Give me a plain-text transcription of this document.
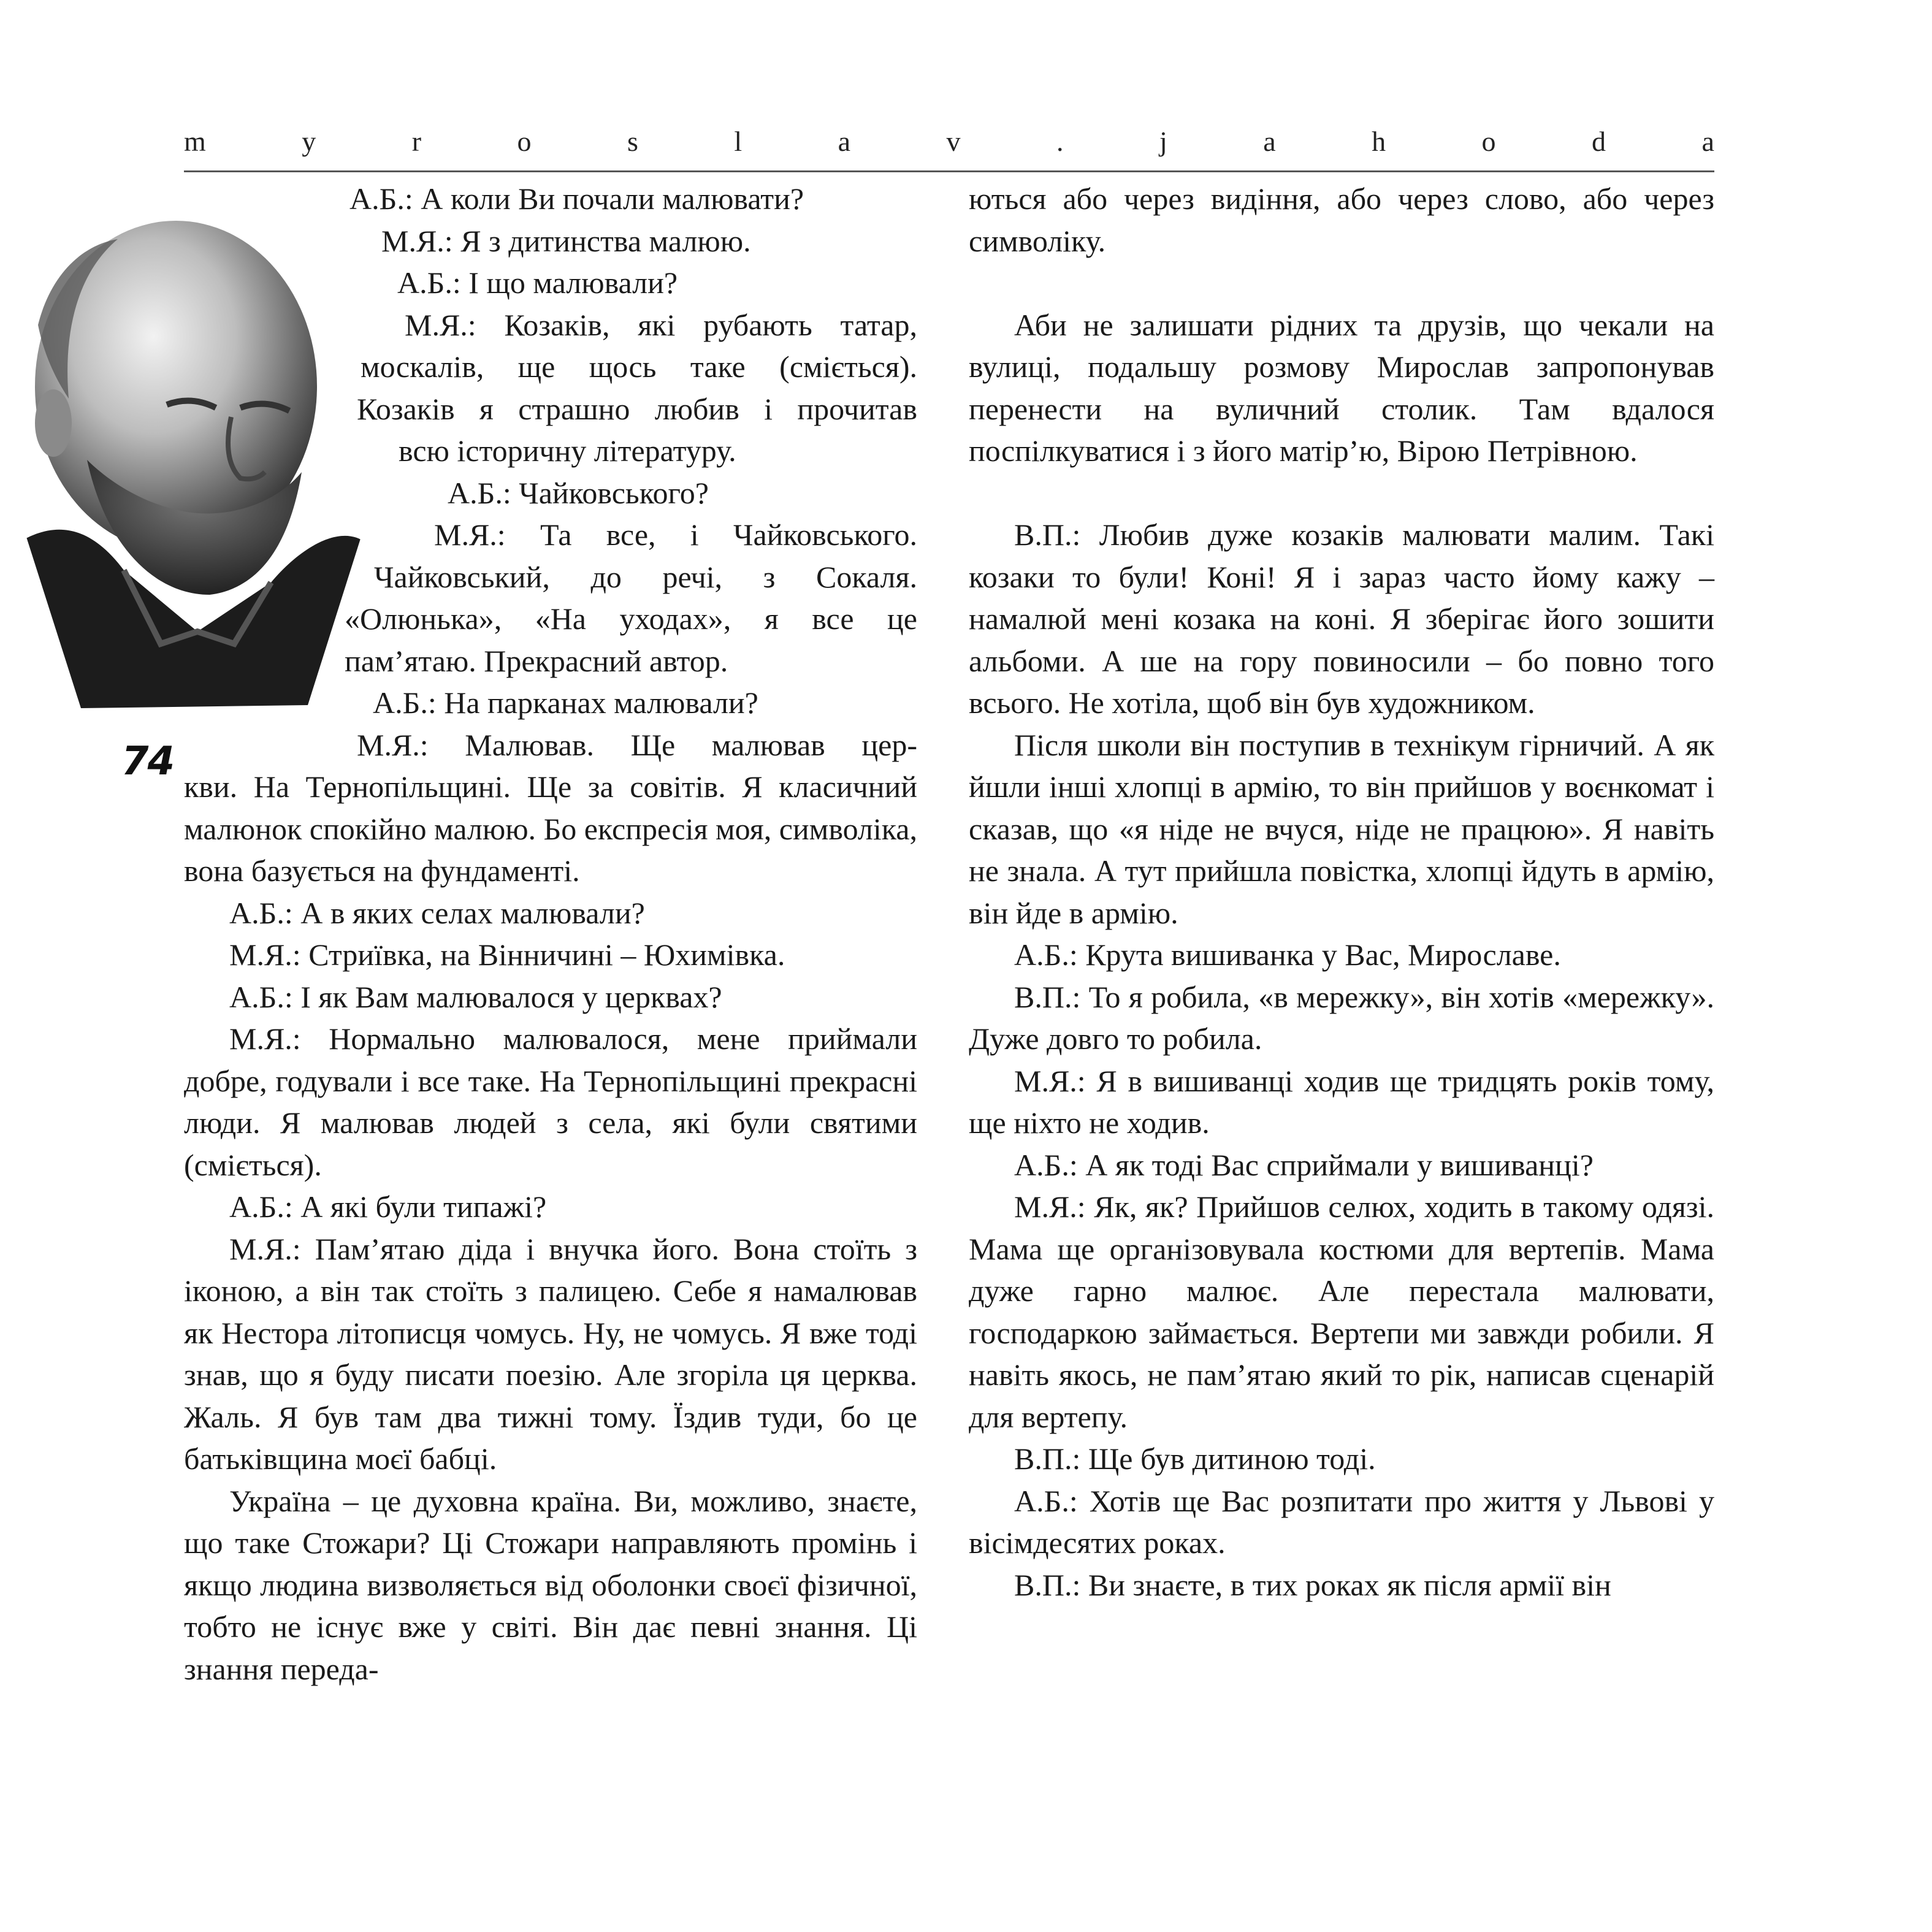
m	y	r	o	s	l	a	v	.	j	a	h	o	d	a
74
А.Б.: А коли Ви почали малювати?
М.Я.: Я з дитинства малюю.
А.Б.: І що малювали?
М.Я.: Козаків, які рубають татар,
москалів, ще щось таке (сміється).
Козаків я страшно любив і прочитав
всю історичну літературу.
А.Б.: Чайковського?
М.Я.: Та все, і Чайковського.
Чайковський, до речі, з Сокаля.
«Олюнька», «На уходах», я все це
пам’ятаю. Прекрасний автор.
А.Б.: На парканах малювали?
М.Я.: Малював. Ще малював цер-

кви. На Тернопільщині. Ще за совітів. Я класичний малюнок спокійно малюю. Бо експресія моя, символіка, вона базується на фундаменті.

А.Б.: А в яких селах малювали?

М.Я.: Стриївка, на Вінничині – Юхимівка.

А.Б.: І як Вам малювалося у церквах?

М.Я.: Нормально малювалося, мене приймали добре, годували і все таке. На Тернопільщині прекрасні люди. Я малював людей з села, які були святими (сміється).

А.Б.: А які були типажі?

М.Я.: Пам’ятаю діда і внучка його. Вона стоїть з іконою, а він так стоїть з палицею. Себе я намалював як Нестора літописця чомусь. Ну, не чомусь. Я вже тоді знав, що я буду писати поезію. Але згоріла ця церква. Жаль. Я був там два тижні тому. Їздив туди, бо це батьківщина моєї бабці.

Україна – це духовна країна. Ви, можливо, знаєте, що таке Стожари? Ці Стожари направляють промінь і якщо людина визволяється від оболонки своєї фізичної, тобто не існує вже у світі. Він дає певні знання. Ці знання переда-

ються або через видіння, або через слово, або через символіку.

Аби не залишати рідних та друзів, що чекали на вулиці, подальшу розмову Мирослав запропонував перенести на вуличний столик. Там вдалося поспілкуватися і з його матір’ю, Вірою Петрівною.

В.П.: Любив дуже козаків малювати малим. Такі козаки то були! Коні! Я і зараз часто йому кажу – намалюй мені козака на коні. Я зберігає його зошити альбоми. А ше на гору повиносили – бо повно того всього. Не хотіла, щоб він був художником.

Після школи він поступив в технікум гірничий. А як йшли інші хлопці в армію, то він прийшов у воєнкомат і сказав, що «я ніде не вчуся, ніде не працюю». Я навіть не знала. А тут прийшла повістка, хлопці йдуть в армію, він йде в армію.

А.Б.: Крута вишиванка у Вас, Мирославе.

В.П.: То я робила, «в мережку», він хотів «мережку». Дуже довго то робила.

М.Я.: Я в вишиванці ходив ще тридцять років тому, ще ніхто не ходив.

А.Б.: А як тоді Вас сприймали у вишиванці?

М.Я.: Як, як? Прийшов селюх, ходить в такому одязі. Мама ще організовувала костюми для вертепів. Мама дуже гарно малює. Але перестала малювати, господаркою займається. Вертепи ми завжди робили. Я навіть якось, не пам’ятаю який то рік, написав сценарій для вертепу.

В.П.: Ще був дитиною тоді.

А.Б.: Хотів ще Вас розпитати про життя у Львові у вісімдесятих роках.

В.П.: Ви знаєте, в тих роках як після армії він
